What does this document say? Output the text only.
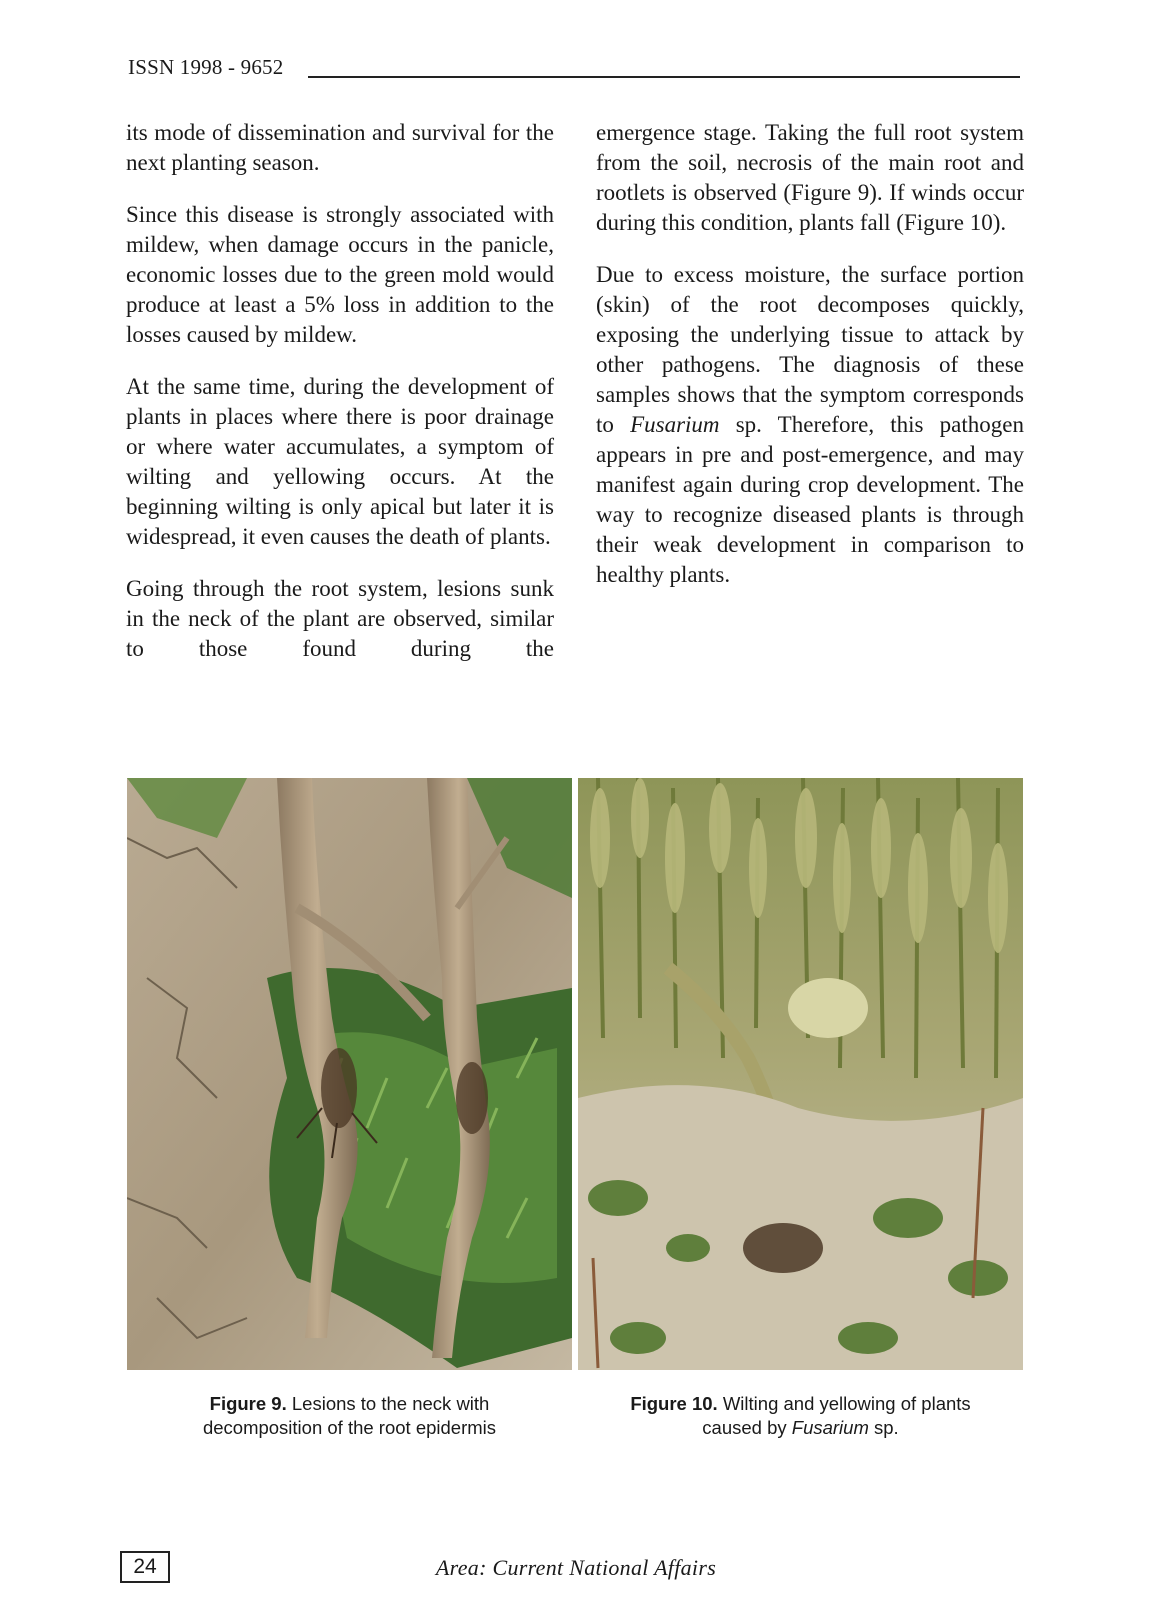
ISSN 1998 - 9652

its mode of dissemination and survival for the next planting season.

Since this disease is strongly associated with mildew, when damage occurs in the panicle, economic losses due to the green mold would produce at least a 5% loss in addition to the losses caused by mildew.

At the same time, during the development of plants in places where there is poor drainage or where water accumulates, a symptom of wilting and yellowing occurs. At the beginning wilting is only apical but later it is widespread, it even causes the death of plants.

Going through the root system, lesions sunk in the neck of the plant are observed, similar to those found during the

emergence stage. Taking the full root system from the soil, necrosis of the main root and rootlets is observed (Figure 9). If winds occur during this condition, plants fall (Figure 10).

Due to excess moisture, the surface portion (skin) of the root decomposes quickly, exposing the underlying tissue to attack by other pathogens. The diagnosis of these samples shows that the symptom corresponds to Fusarium sp. Therefore, this pathogen appears in pre and post-emergence, and may manifest again during crop development. The way to recognize diseased plants is through their weak development in comparison to healthy plants.

Figure 9. Lesions to the neck with
decomposition of the root epidermis
Figure 10. Wilting and yellowing of plants
caused by Fusarium sp.
24	Area: Current National Affairs
